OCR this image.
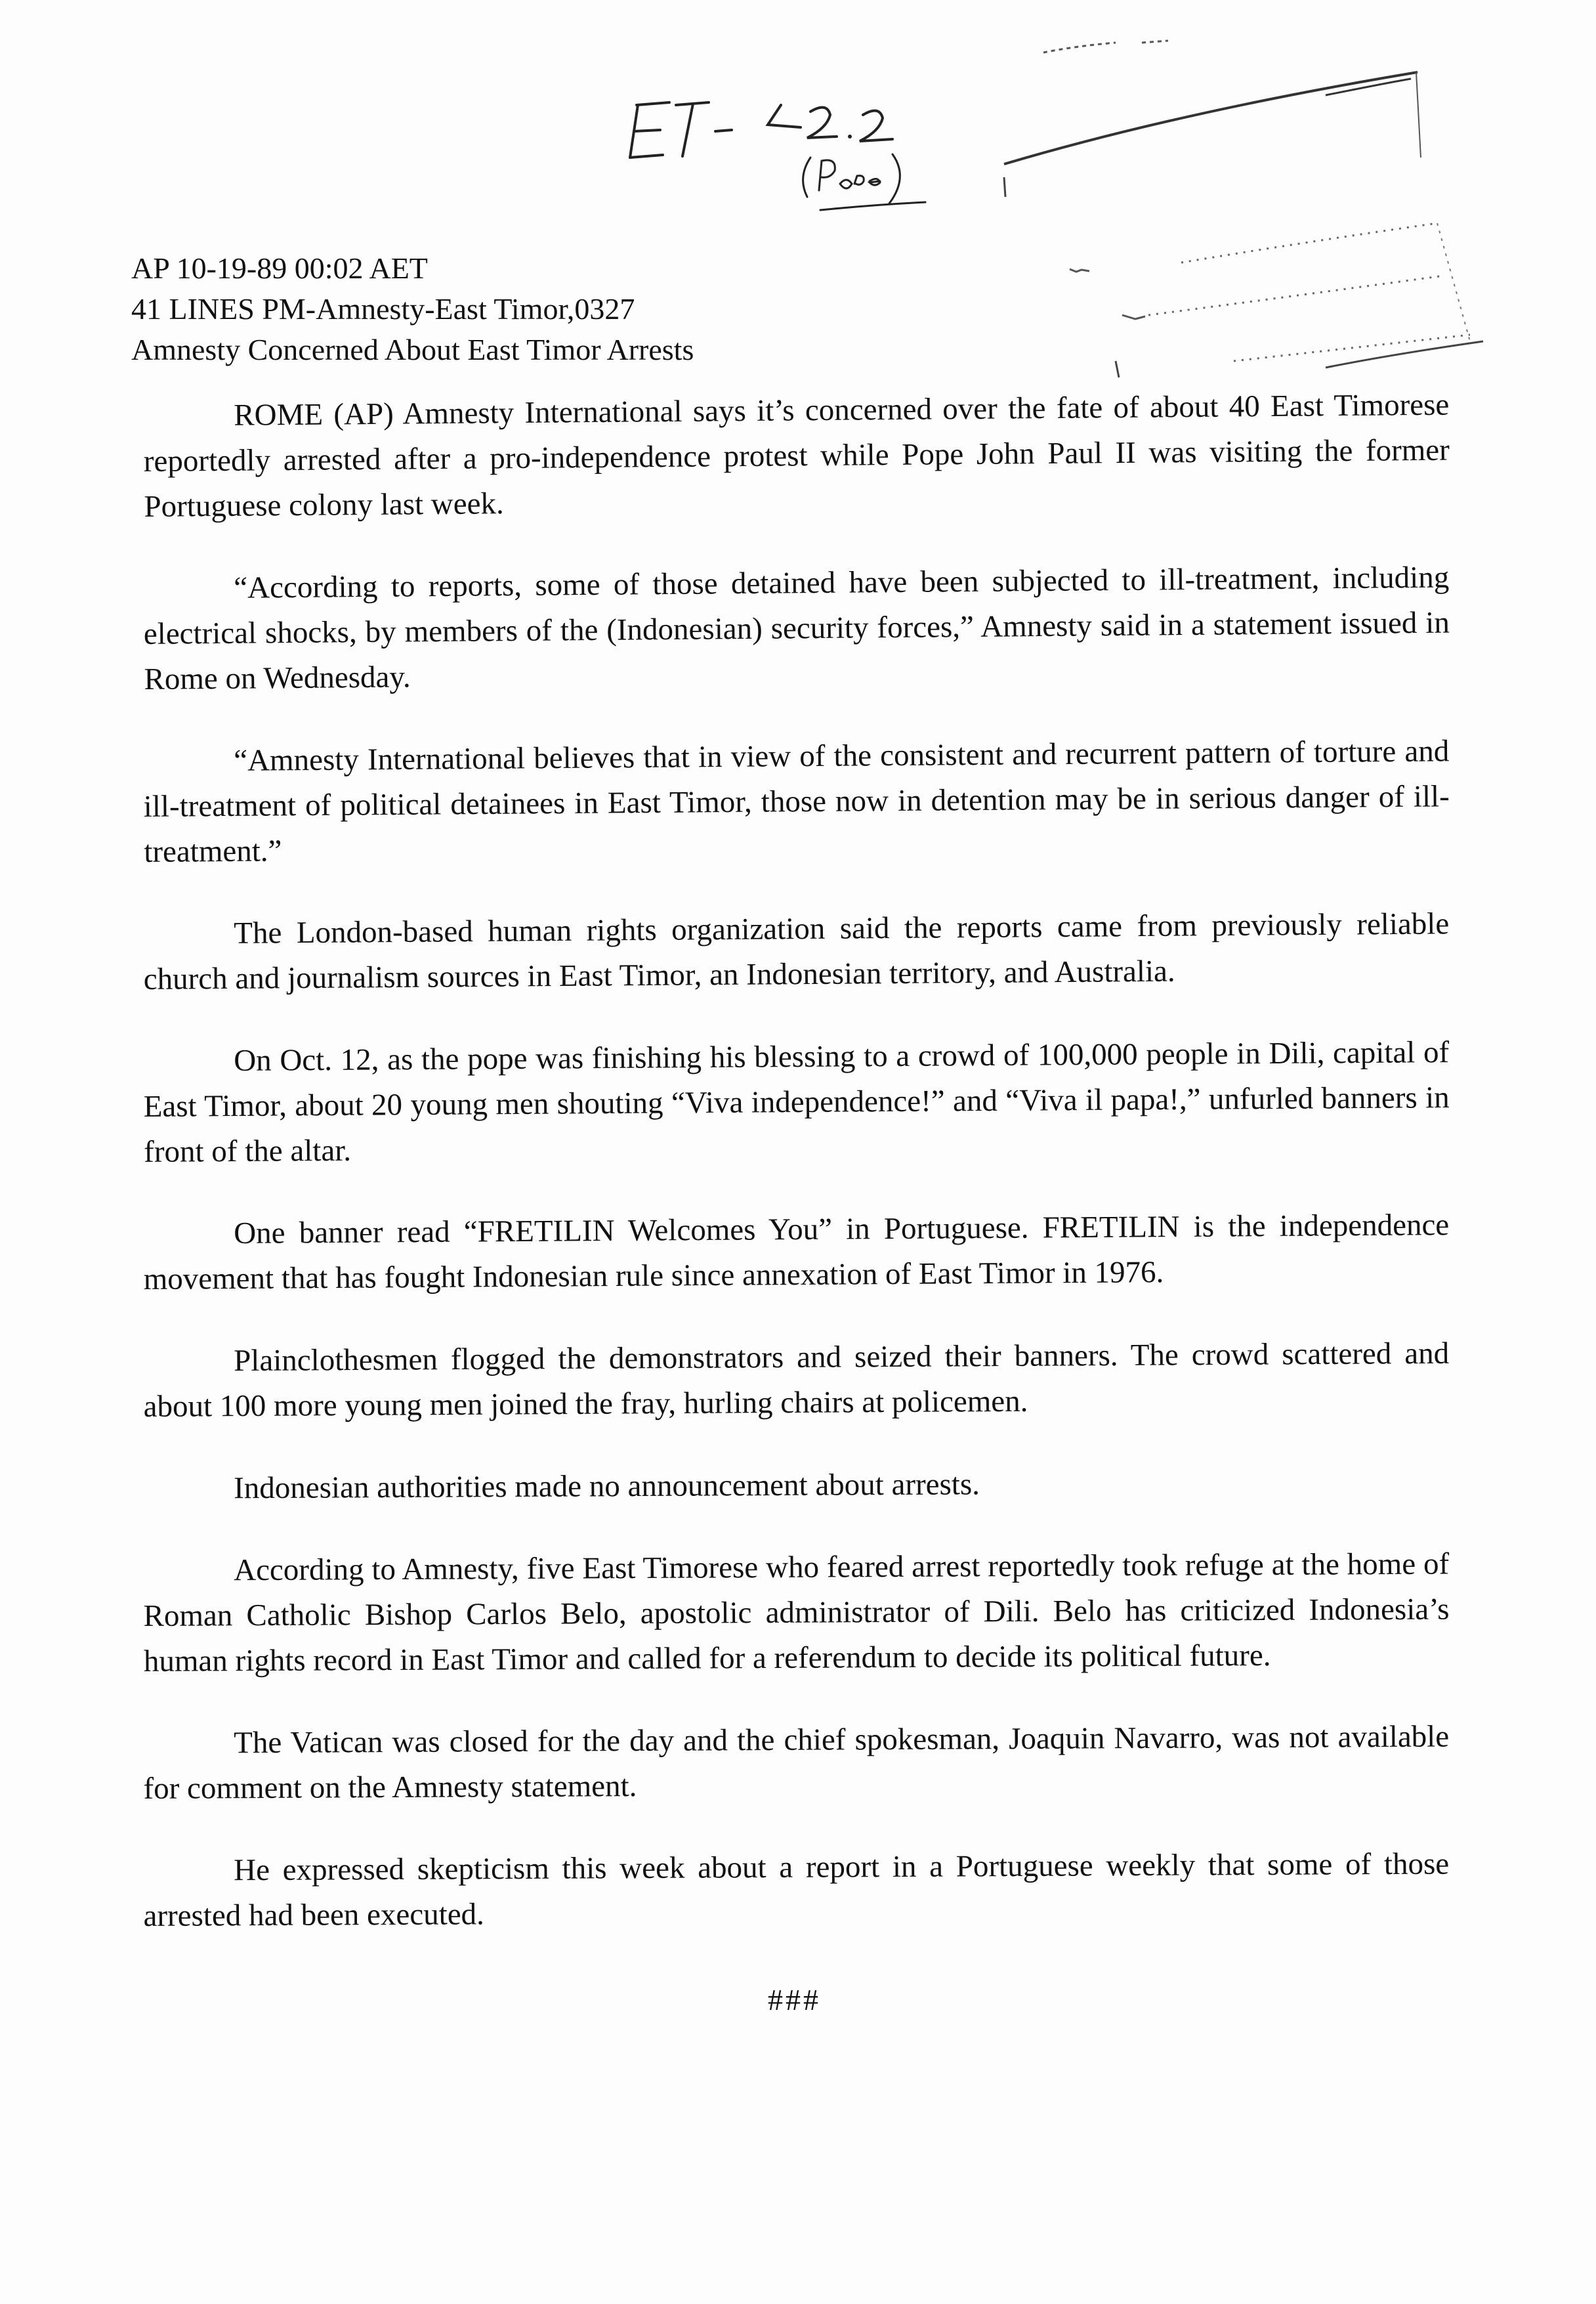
AP 10-19-89 00:02 AET
41 LINES PM-Amnesty-East Timor,0327
Amnesty Concerned About East Timor Arrests

ROME (AP) Amnesty International says it’s concerned over the fate of about 40 East Timorese reportedly arrested after a pro-independence protest while Pope John Paul II was visiting the former Portuguese colony last week.

“According to reports, some of those detained have been subjected to ill-treatment, including electrical shocks, by members of the (Indonesian) security forces,” Amnesty said in a statement issued in Rome on Wednesday.

“Amnesty International believes that in view of the consistent and recurrent pattern of torture and ill-treatment of political detainees in East Timor, those now in detention may be in serious danger of ill-treatment.”

The London-based human rights organization said the reports came from previously reliable church and journalism sources in East Timor, an Indonesian territory, and Australia.

On Oct. 12, as the pope was finishing his blessing to a crowd of 100,000 people in Dili, capital of East Timor, about 20 young men shouting “Viva independence!” and “Viva il papa!,” unfurled banners in front of the altar.

One banner read “FRETILIN Welcomes You” in Portuguese. FRETILIN is the independence movement that has fought Indonesian rule since annexation of East Timor in 1976.

Plainclothesmen flogged the demonstrators and seized their banners. The crowd scattered and about 100 more young men joined the fray, hurling chairs at policemen.

Indonesian authorities made no announcement about arrests.

According to Amnesty, five East Timorese who feared arrest reportedly took refuge at the home of Roman Catholic Bishop Carlos Belo, apostolic administrator of Dili. Belo has criticized Indonesia’s human rights record in East Timor and called for a referendum to decide its political future.

The Vatican was closed for the day and the chief spokesman, Joaquin Navarro, was not available for comment on the Amnesty statement.

He expressed skepticism this week about a report in a Portuguese weekly that some of those arrested had been executed.

###
